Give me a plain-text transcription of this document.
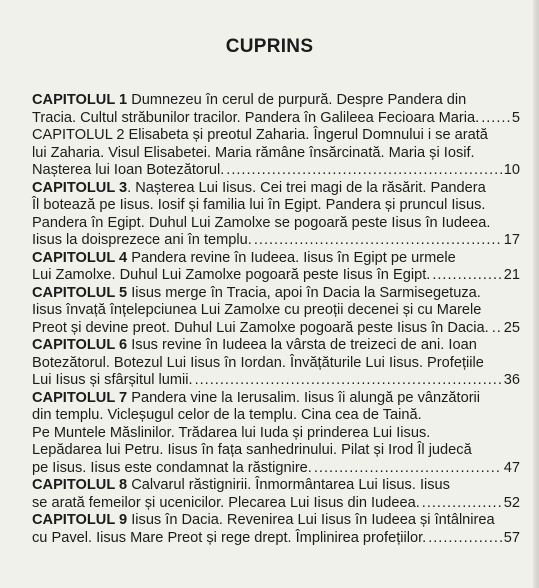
CUPRINS
CAPITOLUL 1 Dumnezeu în cerul de purpură. Despre Pandera din
Tracia. Cultul străbunilor tracilor. Pandera în Galileea Fecioara Maria. ..... 5
CAPITOLUL 2 Elisabeta și preotul Zaharia. Îngerul Domnului i se arată
lui Zaharia. Visul Elisabetei. Maria rămâne însărcinată. Maria și Iosif.
Nașterea lui Ioan Botezătorul. .....	10
CAPITOLUL 3. Nașterea Lui Iisus. Cei trei magi de la răsărit. Pandera
Îl botează pe Iisus. Iosif și familia lui în Egipt. Pandera și pruncul Iisus.
Pandera în Egipt. Duhul Lui Zamolxe se pogoară peste Iisus în Iudeea.
Iisus la doisprezece ani în templu. .....	17
CAPITOLUL 4 Pandera revine în Iudeea. Iisus în Egipt pe urmele
Lui Zamolxe. Duhul Lui Zamolxe pogoară peste Iisus în Egipt. .....	21
CAPITOLUL 5 Iisus merge în Tracia, apoi în Dacia la Sarmisegetuza.
Iisus învață înțelepciunea Lui Zamolxe cu preoții decenei și cu Marele
Preot și devine preot. Duhul Lui Zamolxe pogoară peste Iisus în Dacia. ..... 25
CAPITOLUL 6 Isus revine în Iudeea la vârsta de treizeci de ani. Ioan
Botezătorul. Botezul Lui Iisus în Iordan. Învățăturile Lui Iisus. Profețiile
Lui Iisus și sfârșitul lumii. .....	36
CAPITOLUL 7 Pandera vine la Ierusalim. Iisus îi alungă pe vânzătorii
din templu. Vicleșugul celor de la templu. Cina cea de Taină.
Pe Muntele Măslinilor. Trădarea lui Iuda și prinderea Lui Iisus.
Lepădarea lui Petru. Iisus în fața sanhedrinului. Pilat și Irod Îl judecă
pe Iisus. Iisus este condamnat la răstignire. .....	47
CAPITOLUL 8 Calvarul răstignirii. Înmormântarea Lui Iisus. Iisus
se arată femeilor și ucenicilor. Plecarea Lui Iisus din Iudeea. .....	52
CAPITOLUL 9 Iisus în Dacia. Revenirea Lui Iisus în Iudeea și întâlnirea
cu Pavel. Iisus Mare Preot și rege drept. Împlinirea profețiilor. .....	57
